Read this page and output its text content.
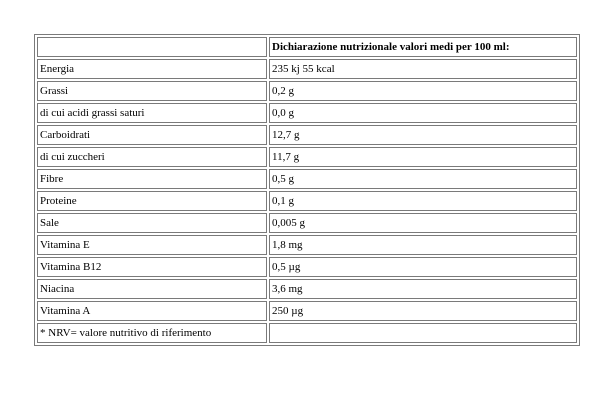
	Dichiarazione nutrizionale valori medi per 100 ml:
Energia	235 kj 55 kcal
Grassi	0,2 g
di cui acidi grassi saturi	0,0 g
Carboidrati	12,7 g
di cui zuccheri	11,7 g
Fibre	0,5 g
Proteine	0,1 g
Sale	0,005 g
Vitamina E	1,8 mg
Vitamina B12	0,5 µg
Niacina	3,6 mg
Vitamina A	250 µg
* NRV= valore nutritivo di riferimento	
